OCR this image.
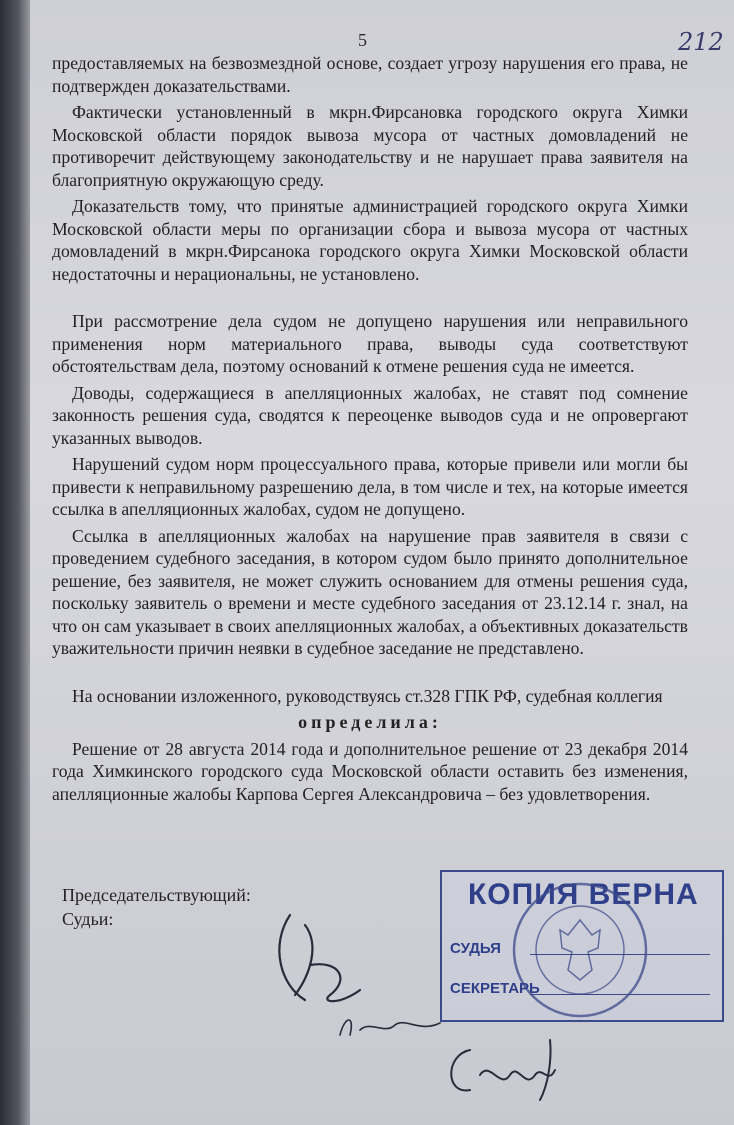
5	212

предоставляемых на безвозмездной основе, создает угрозу нарушения его права, не подтвержден доказательствами.

Фактически установленный в мкрн.Фирсановка городского округа Химки Московской области порядок вывоза мусора от частных домовладений не противоречит действующему законодательству и не нарушает права заявителя на благоприятную окружающую среду.

Доказательств тому, что принятые администрацией городского округа Химки Московской области меры по организации сбора и вывоза мусора от частных домовладений в мкрн.Фирсанока городского округа Химки Московской области недостаточны и нерациональны, не установлено.

При рассмотрение дела судом не допущено нарушения или неправильного применения норм материального права, выводы суда соответствуют обстоятельствам дела, поэтому оснований к отмене решения суда не имеется.

Доводы, содержащиеся в апелляционных жалобах, не ставят под сомнение законность решения суда, сводятся к переоценке выводов суда и не опровергают указанных выводов.

Нарушений судом норм процессуального права, которые привели или могли бы привести к неправильному разрешению дела, в том числе и тех, на которые имеется ссылка в апелляционных жалобах, судом не допущено.

Ссылка в апелляционных жалобах на нарушение прав заявителя в связи с проведением судебного заседания, в котором судом было принято дополнительное решение, без заявителя, не может служить основанием для отмены решения суда, поскольку заявитель о времени и месте судебного заседания от 23.12.14 г. знал, на что он сам указывает в своих апелляционных жалобах, а объективных доказательств уважительности причин неявки в судебное заседание не представлено.

На основании изложенного, руководствуясь ст.328 ГПК РФ, судебная коллегия

определила:

Решение от 28 августа 2014 года и дополнительное решение от 23 декабря 2014 года Химкинского городского суда Московской области оставить без изменения, апелляционные жалобы Карпова Сергея Александровича – без удовлетворения.

Председательствующий:
Судьи:
КОПИЯ ВЕРНА
СУДЬЯ
СЕКРЕТАРЬ
